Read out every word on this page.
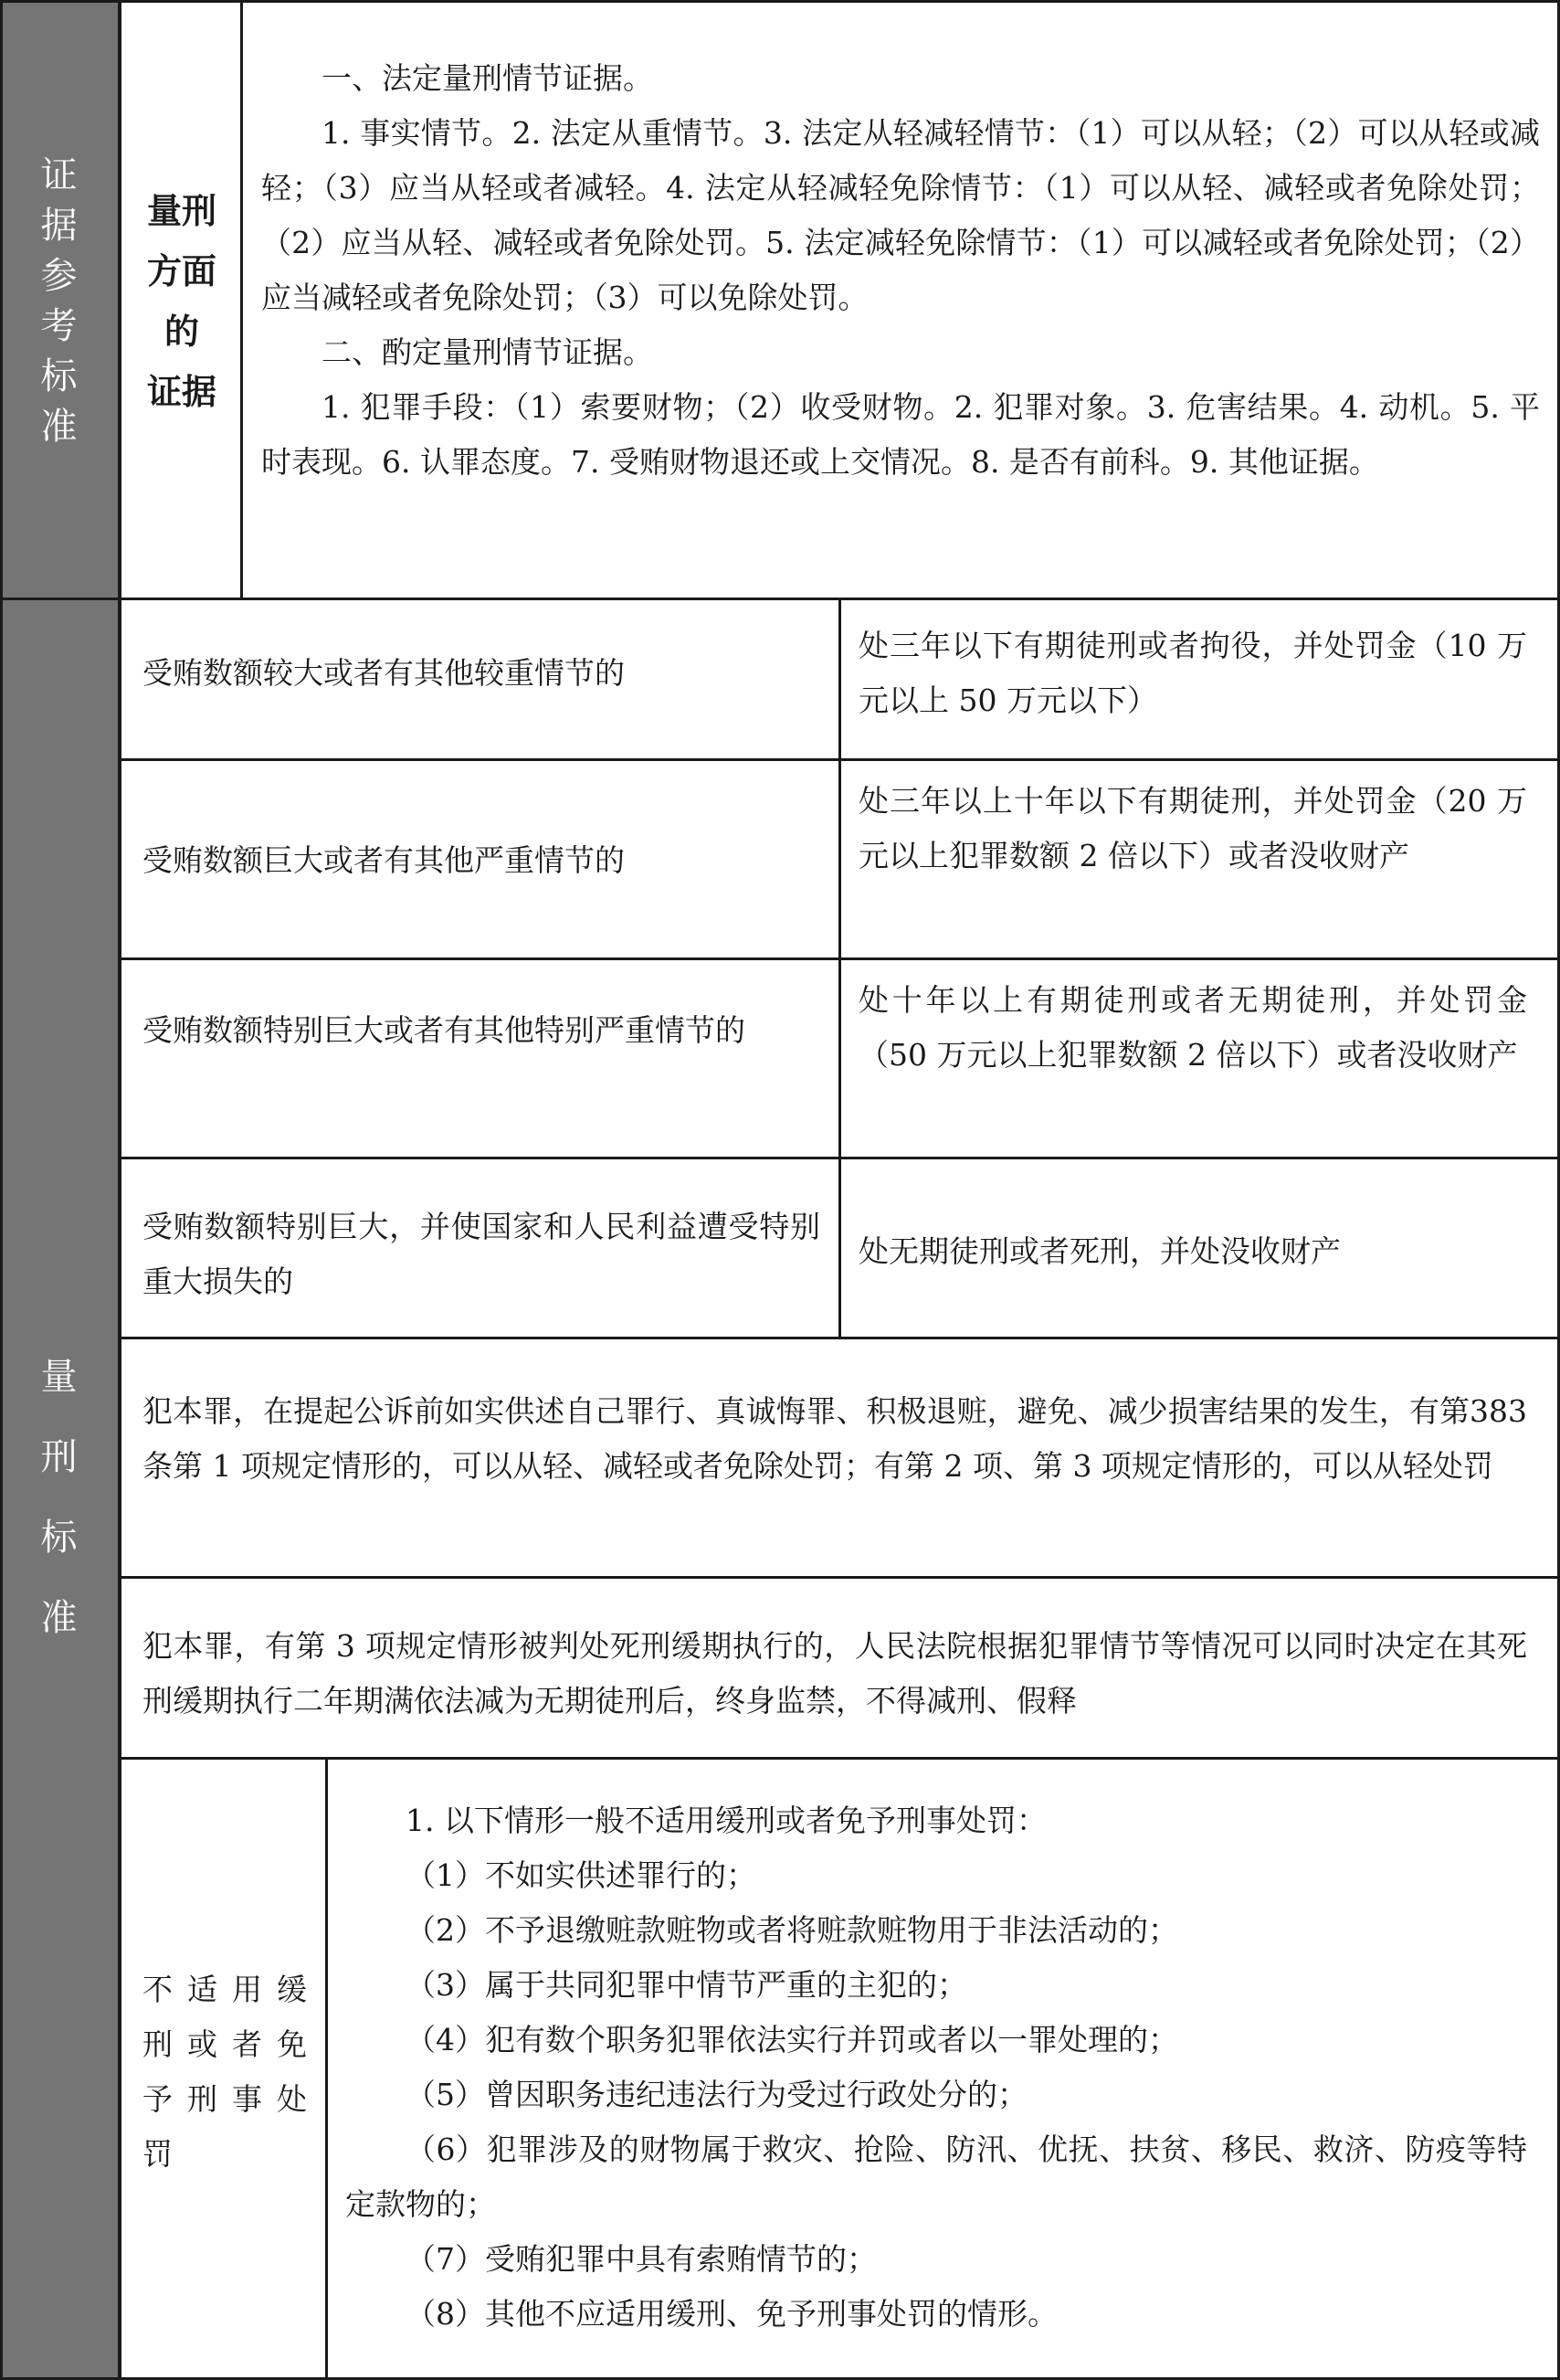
证
据
参
考
标
准
量刑
方面
的
证据

一、法定量刑情节证据。

1. 事实情节。2. 法定从重情节。3. 法定从轻减轻情节：（1）可以从轻；（2）可以从轻或减轻；（3）应当从轻或者减轻。4. 法定从轻减轻免除情节：（1）可以从轻、减轻或者免除处罚；（2）应当从轻、减轻或者免除处罚。5. 法定减轻免除情节：（1）可以减轻或者免除处罚；（2）应当减轻或者免除处罚；（3）可以免除处罚。

二、酌定量刑情节证据。

1. 犯罪手段：（1）索要财物；（2）收受财物。2. 犯罪对象。3. 危害结果。4. 动机。5. 平时表现。6. 认罪态度。7. 受贿财物退还或上交情况。8. 是否有前科。9. 其他证据。

量
刑
标
准

受贿数额较大或者有其他较重情节的

处三年以下有期徒刑或者拘役，并处罚金（10 万元以上 50 万元以下）

受贿数额巨大或者有其他严重情节的

处三年以上十年以下有期徒刑，并处罚金（20 万元以上犯罪数额 2 倍以下）或者没收财产

受贿数额特别巨大或者有其他特别严重情节的

处十年以上有期徒刑或者无期徒刑，并处罚金（50 万元以上犯罪数额 2 倍以下）或者没收财产

受贿数额特别巨大，并使国家和人民利益遭受特别重大损失的

处无期徒刑或者死刑，并处没收财产

犯本罪，在提起公诉前如实供述自己罪行、真诚悔罪、积极退赃，避免、减少损害结果的发生，有第383 条第 1 项规定情形的，可以从轻、减轻或者免除处罚；有第 2 项、第 3 项规定情形的，可以从轻处罚

犯本罪，有第 3 项规定情形被判处死刑缓期执行的，人民法院根据犯罪情节等情况可以同时决定在其死刑缓期执行二年期满依法减为无期徒刑后，终身监禁，不得减刑、假释

不适用缓刑或者免予刑事处罚

1. 以下情形一般不适用缓刑或者免予刑事处罚：

（1）不如实供述罪行的；

（2）不予退缴赃款赃物或者将赃款赃物用于非法活动的；

（3）属于共同犯罪中情节严重的主犯的；

（4）犯有数个职务犯罪依法实行并罚或者以一罪处理的；

（5）曾因职务违纪违法行为受过行政处分的；

（6）犯罪涉及的财物属于救灾、抢险、防汛、优抚、扶贫、移民、救济、防疫等特定款物的；

（7）受贿犯罪中具有索贿情节的；

（8）其他不应适用缓刑、免予刑事处罚的情形。
